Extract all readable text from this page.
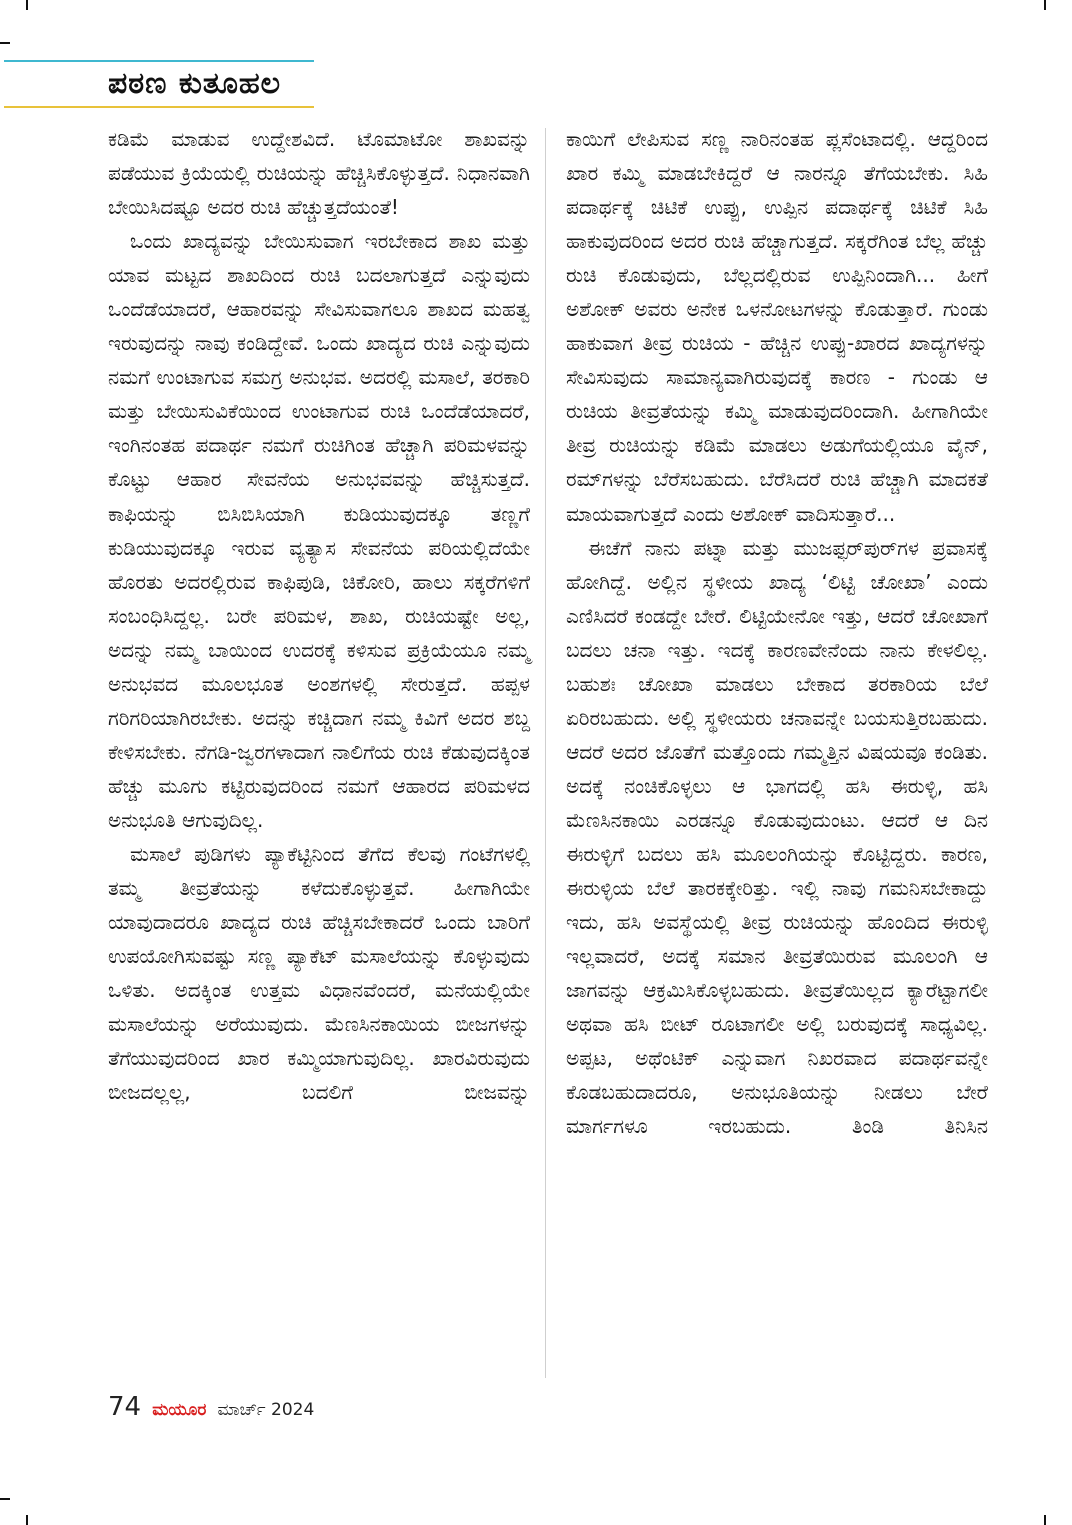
ಪಠಣ ಕುತೂಹಲ

ಕಡಿಮೆ ಮಾಡುವ ಉದ್ದೇಶವಿದೆ. ಟೊಮಾಟೋ ಶಾಖವನ್ನು ಪಡೆಯುವ ಕ್ರಿಯೆಯಲ್ಲಿ ರುಚಿಯನ್ನು ಹೆಚ್ಚಿಸಿಕೊಳ್ಳುತ್ತದೆ. ನಿಧಾನವಾಗಿ ಬೇಯಿಸಿದಷ್ಟೂ ಅದರ ರುಚಿ ಹೆಚ್ಚುತ್ತದೆಯಂತೆ!

ಒಂದು ಖಾದ್ಯವನ್ನು ಬೇಯಿಸುವಾಗ ಇರಬೇಕಾದ ಶಾಖ ಮತ್ತು ಯಾವ ಮಟ್ಟದ ಶಾಖದಿಂದ ರುಚಿ ಬದಲಾಗುತ್ತದೆ ಎನ್ನುವುದು ಒಂದೆಡೆಯಾದರೆ, ಆಹಾರವನ್ನು ಸೇವಿಸುವಾಗಲೂ ಶಾಖದ ಮಹತ್ವ ಇರುವುದನ್ನು ನಾವು ಕಂಡಿದ್ದೇವೆ. ಒಂದು ಖಾದ್ಯದ ರುಚಿ ಎನ್ನುವುದು ನಮಗೆ ಉಂಟಾಗುವ ಸಮಗ್ರ ಅನುಭವ. ಅದರಲ್ಲಿ ಮಸಾಲೆ, ತರಕಾರಿ ಮತ್ತು ಬೇಯಿಸುವಿಕೆಯಿಂದ ಉಂಟಾಗುವ ರುಚಿ ಒಂದೆಡೆಯಾದರೆ, ಇಂಗಿನಂತಹ ಪದಾರ್ಥ ನಮಗೆ ರುಚಿಗಿಂತ ಹೆಚ್ಚಾಗಿ ಪರಿಮಳವನ್ನು ಕೊಟ್ಟು ಆಹಾರ ಸೇವನೆಯ ಅನುಭವವನ್ನು ಹೆಚ್ಚಿಸುತ್ತದೆ. ಕಾಫಿಯನ್ನು ಬಿಸಿಬಿಸಿಯಾಗಿ ಕುಡಿಯುವುದಕ್ಕೂ ತಣ್ಣಗೆ ಕುಡಿಯುವುದಕ್ಕೂ ಇರುವ ವ್ಯತ್ಯಾಸ ಸೇವನೆಯ ಪರಿಯಲ್ಲಿದೆಯೇ ಹೊರತು ಅದರಲ್ಲಿರುವ ಕಾಫಿಪುಡಿ, ಚಿಕೋರಿ, ಹಾಲು ಸಕ್ಕರೆಗಳಿಗೆ ಸಂಬಂಧಿಸಿದ್ದಲ್ಲ. ಬರೇ ಪರಿಮಳ, ಶಾಖ, ರುಚಿಯಷ್ಟೇ ಅಲ್ಲ, ಅದನ್ನು ನಮ್ಮ ಬಾಯಿಂದ ಉದರಕ್ಕೆ ಕಳಿಸುವ ಪ್ರಕ್ರಿಯೆಯೂ ನಮ್ಮ ಅನುಭವದ ಮೂಲಭೂತ ಅಂಶಗಳಲ್ಲಿ ಸೇರುತ್ತದೆ. ಹಪ್ಪಳ ಗರಿಗರಿಯಾಗಿರಬೇಕು. ಅದನ್ನು ಕಚ್ಚಿದಾಗ ನಮ್ಮ ಕಿವಿಗೆ ಅದರ ಶಬ್ದ ಕೇಳಿಸಬೇಕು. ನೆಗಡಿ-ಜ್ವರಗಳಾದಾಗ ನಾಲಿಗೆಯ ರುಚಿ ಕೆಡುವುದಕ್ಕಿಂತ ಹೆಚ್ಚು ಮೂಗು ಕಟ್ಟಿರುವುದರಿಂದ ನಮಗೆ ಆಹಾರದ ಪರಿಮಳದ ಅನುಭೂತಿ ಆಗುವುದಿಲ್ಲ.

ಮಸಾಲೆ ಪುಡಿಗಳು ಪ್ಯಾಕೆಟ್ಟಿನಿಂದ ತೆಗೆದ ಕೆಲವು ಗಂಟೆಗಳಲ್ಲಿ ತಮ್ಮ ತೀವ್ರತೆಯನ್ನು ಕಳೆದುಕೊಳ್ಳುತ್ತವೆ. ಹೀಗಾಗಿಯೇ ಯಾವುದಾದರೂ ಖಾದ್ಯದ ರುಚಿ ಹೆಚ್ಚಿಸಬೇಕಾದರೆ ಒಂದು ಬಾರಿಗೆ ಉಪಯೋಗಿಸುವಷ್ಟು ಸಣ್ಣ ಪ್ಯಾಕೆಟ್ ಮಸಾಲೆಯನ್ನು ಕೊಳ್ಳುವುದು ಒಳಿತು. ಅದಕ್ಕಿಂತ ಉತ್ತಮ ವಿಧಾನವೆಂದರೆ, ಮನೆಯಲ್ಲಿಯೇ ಮಸಾಲೆಯನ್ನು ಅರೆಯುವುದು. ಮೆಣಸಿನಕಾಯಿಯ ಬೀಜಗಳನ್ನು ತೆಗೆಯುವುದರಿಂದ ಖಾರ ಕಮ್ಮಿಯಾಗುವುದಿಲ್ಲ. ಖಾರವಿರುವುದು ಬೀಜದಲ್ಲಲ್ಲ, ಬದಲಿಗೆ ಬೀಜವನ್ನು

ಕಾಯಿಗೆ ಲೇಪಿಸುವ ಸಣ್ಣ ನಾರಿನಂತಹ ಪ್ಲಸೆಂಟಾದಲ್ಲಿ. ಆದ್ದರಿಂದ ಖಾರ ಕಮ್ಮಿ ಮಾಡಬೇಕಿದ್ದರೆ ಆ ನಾರನ್ನೂ ತೆಗೆಯಬೇಕು. ಸಿಹಿ ಪದಾರ್ಥಕ್ಕೆ ಚಿಟಿಕೆ ಉಪ್ಪು, ಉಪ್ಪಿನ ಪದಾರ್ಥಕ್ಕೆ ಚಿಟಿಕೆ ಸಿಹಿ ಹಾಕುವುದರಿಂದ ಅದರ ರುಚಿ ಹೆಚ್ಚಾಗುತ್ತದೆ. ಸಕ್ಕರೆಗಿಂತ ಬೆಲ್ಲ ಹೆಚ್ಚು ರುಚಿ ಕೊಡುವುದು, ಬೆಲ್ಲದಲ್ಲಿರುವ ಉಪ್ಪಿನಿಂದಾಗಿ... ಹೀಗೆ ಅಶೋಕ್ ಅವರು ಅನೇಕ ಒಳನೋಟಗಳನ್ನು ಕೊಡುತ್ತಾರೆ. ಗುಂಡು ಹಾಕುವಾಗ ತೀವ್ರ ರುಚಿಯ - ಹೆಚ್ಚಿನ ಉಪ್ಪು-ಖಾರದ ಖಾದ್ಯಗಳನ್ನು ಸೇವಿಸುವುದು ಸಾಮಾನ್ಯವಾಗಿರುವುದಕ್ಕೆ ಕಾರಣ - ಗುಂಡು ಆ ರುಚಿಯ ತೀವ್ರತೆಯನ್ನು ಕಮ್ಮಿ ಮಾಡುವುದರಿಂದಾಗಿ. ಹೀಗಾಗಿಯೇ ತೀವ್ರ ರುಚಿಯನ್ನು ಕಡಿಮೆ ಮಾಡಲು ಅಡುಗೆಯಲ್ಲಿಯೂ ವೈನ್, ರಮ್‌ಗಳನ್ನು ಬೆರೆಸಬಹುದು. ಬೆರೆಸಿದರೆ ರುಚಿ ಹೆಚ್ಚಾಗಿ ಮಾದಕತೆ ಮಾಯವಾಗುತ್ತದೆ ಎಂದು ಅಶೋಕ್ ವಾದಿಸುತ್ತಾರೆ...

ಈಚೆಗೆ ನಾನು ಪಟ್ನಾ ಮತ್ತು ಮುಜಫ್ಫರ್‌ಪುರ್‌ಗಳ ಪ್ರವಾಸಕ್ಕೆ ಹೋಗಿದ್ದೆ. ಅಲ್ಲಿನ ಸ್ಥಳೀಯ ಖಾದ್ಯ ‘ಲಿಟ್ಟಿ ಚೋಖಾ’ ಎಂದು ಎಣಿಸಿದರೆ ಕಂಡದ್ದೇ ಬೇರೆ. ಲಿಟ್ಟಿಯೇನೋ ಇತ್ತು, ಆದರೆ ಚೋಖಾಗೆ ಬದಲು ಚನಾ ಇತ್ತು. ಇದಕ್ಕೆ ಕಾರಣವೇನೆಂದು ನಾನು ಕೇಳಲಿಲ್ಲ. ಬಹುಶಃ ಚೋಖಾ ಮಾಡಲು ಬೇಕಾದ ತರಕಾರಿಯ ಬೆಲೆ ಏರಿರಬಹುದು. ಅಲ್ಲಿ ಸ್ಥಳೀಯರು ಚನಾವನ್ನೇ ಬಯಸುತ್ತಿರಬಹುದು. ಆದರೆ ಅದರ ಜೊತೆಗೆ ಮತ್ತೊಂದು ಗಮ್ಮತ್ತಿನ ವಿಷಯವೂ ಕಂಡಿತು. ಅದಕ್ಕೆ ನಂಚಿಕೊಳ್ಳಲು ಆ ಭಾಗದಲ್ಲಿ ಹಸಿ ಈರುಳ್ಳಿ, ಹಸಿ ಮೆಣಸಿನಕಾಯಿ ಎರಡನ್ನೂ ಕೊಡುವುದುಂಟು. ಆದರೆ ಆ ದಿನ ಈರುಳ್ಳಿಗೆ ಬದಲು ಹಸಿ ಮೂಲಂಗಿಯನ್ನು ಕೊಟ್ಟಿದ್ದರು. ಕಾರಣ, ಈರುಳ್ಳಿಯ ಬೆಲೆ ತಾರಕಕ್ಕೇರಿತ್ತು. ಇಲ್ಲಿ ನಾವು ಗಮನಿಸಬೇಕಾದ್ದು ಇದು, ಹಸಿ ಅವಸ್ಥೆಯಲ್ಲಿ ತೀವ್ರ ರುಚಿಯನ್ನು ಹೊಂದಿದ ಈರುಳ್ಳಿ ಇಲ್ಲವಾದರೆ, ಅದಕ್ಕೆ ಸಮಾನ ತೀವ್ರತೆಯಿರುವ ಮೂಲಂಗಿ ಆ ಜಾಗವನ್ನು ಆಕ್ರಮಿಸಿಕೊಳ್ಳಬಹುದು. ತೀವ್ರತೆಯಿಲ್ಲದ ಕ್ಯಾರೆಟ್ಟಾಗಲೀ ಅಥವಾ ಹಸಿ ಬೀಟ್ ರೂಟಾಗಲೀ ಅಲ್ಲಿ ಬರುವುದಕ್ಕೆ ಸಾಧ್ಯವಿಲ್ಲ. ಅಪ್ಪಟ, ಅಥೆಂಟಿಕ್ ಎನ್ನುವಾಗ ನಿಖರವಾದ ಪದಾರ್ಥವನ್ನೇ ಕೊಡಬಹುದಾದರೂ, ಅನುಭೂತಿಯನ್ನು ನೀಡಲು ಬೇರೆ ಮಾರ್ಗಗಳೂ ಇರಬಹುದು. ತಿಂಡಿ ತಿನಿಸಿನ

74 ಮಯೂರ ಮಾರ್ಚ್ 2024
